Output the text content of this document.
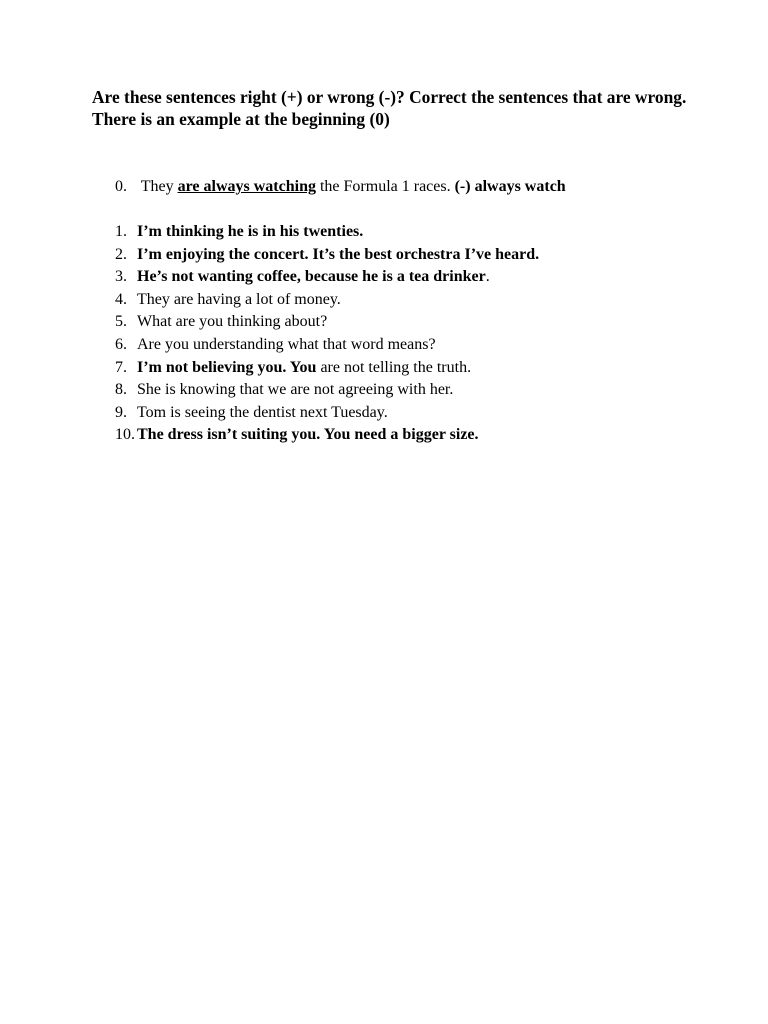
Are these sentences right (+) or wrong (-)? Correct the sentences that are wrong. There is an example at the beginning (0)

0. They are always watching the Formula 1 races. (-) always watch
1. I’m thinking he is in his twenties.
2. I’m enjoying the concert. It’s the best orchestra I’ve heard.
3. He’s not wanting coffee, because he is a tea drinker.
4. They are having a lot of money.
5. What are you thinking about?
6. Are you understanding what that word means?
7. I’m not believing you. You are not telling the truth.
8. She is knowing that we are not agreeing with her.
9. Tom is seeing the dentist next Tuesday.
10. The dress isn’t suiting you. You need a bigger size.
